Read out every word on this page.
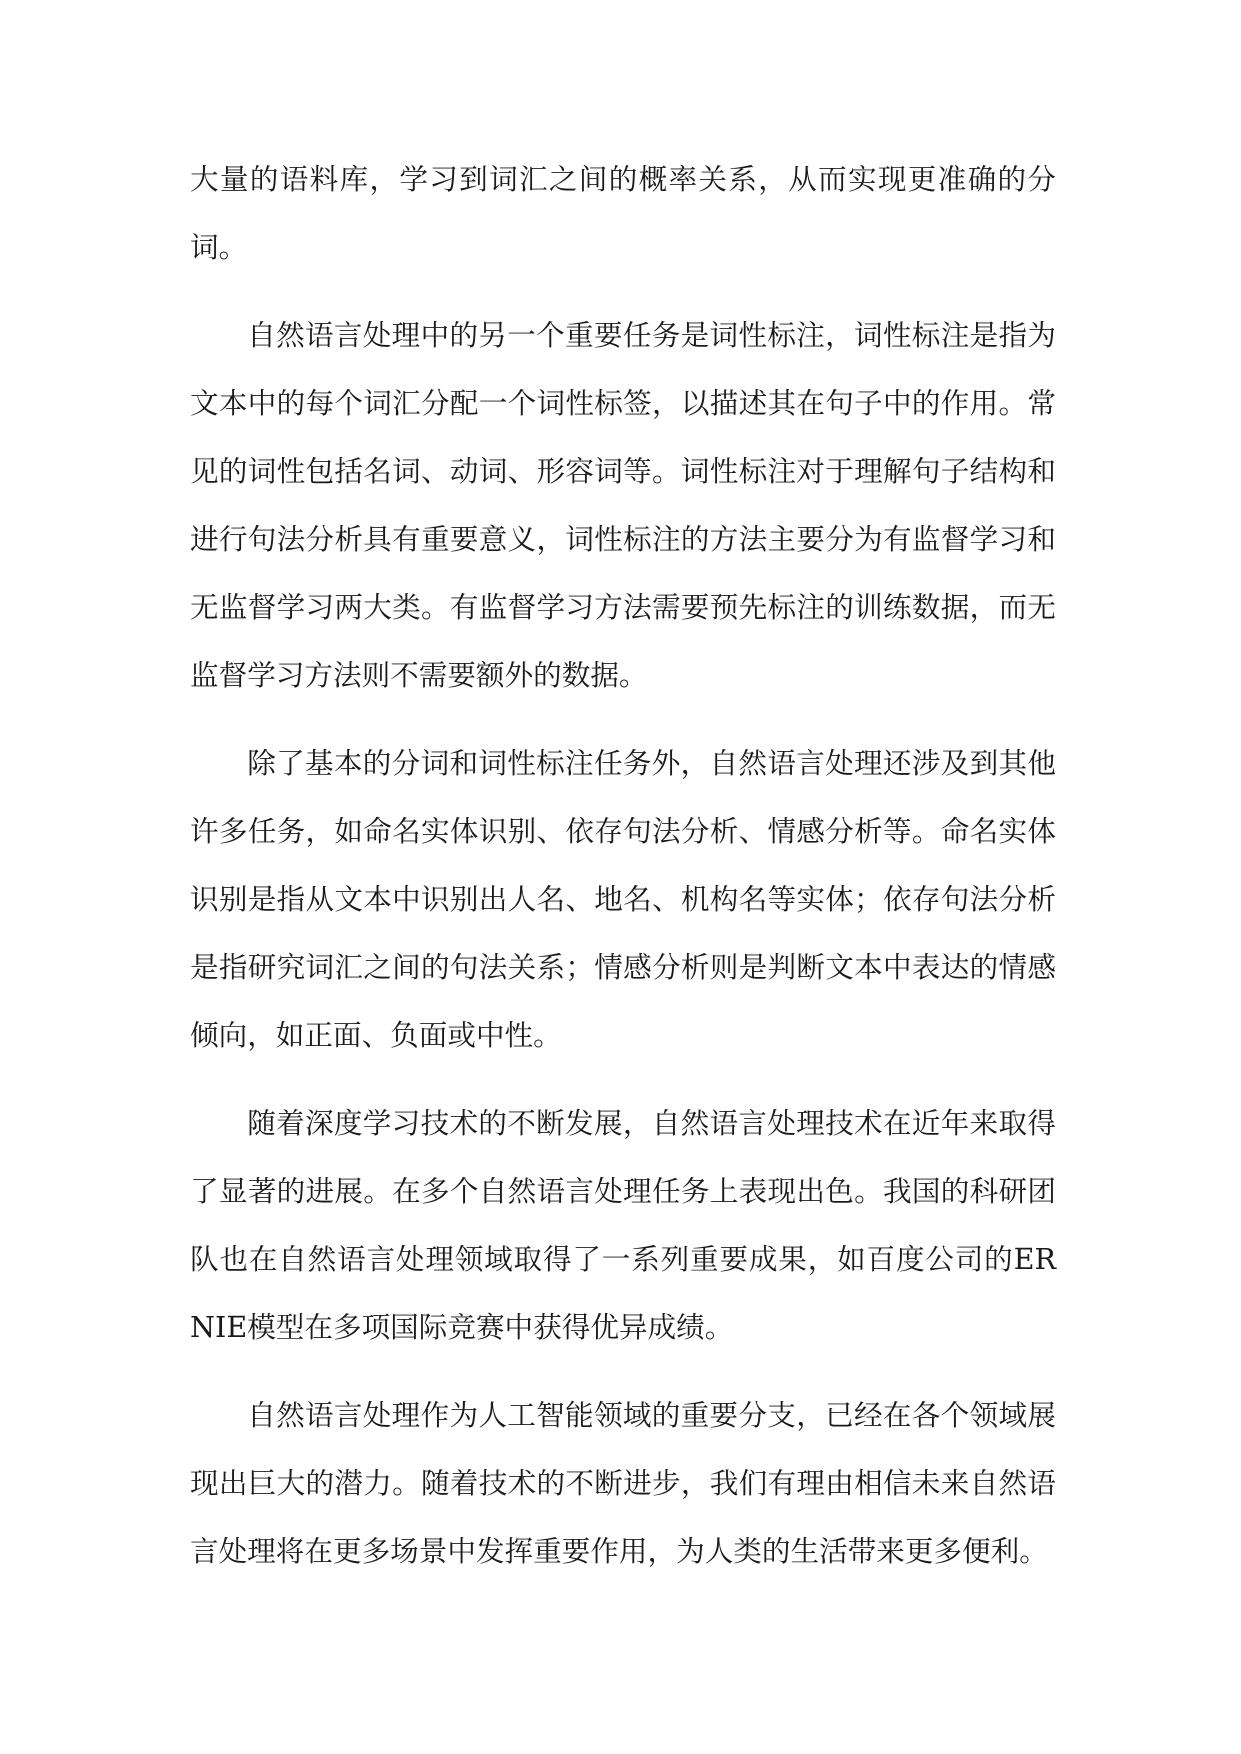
大量的语料库，学习到词汇之间的概率关系，从而实现更准确的分词。

自然语言处理中的另一个重要任务是词性标注，词性标注是指为文本中的每个词汇分配一个词性标签，以描述其在句子中的作用。常见的词性包括名词、动词、形容词等。词性标注对于理解句子结构和进行句法分析具有重要意义，词性标注的方法主要分为有监督学习和无监督学习两大类。有监督学习方法需要预先标注的训练数据，而无监督学习方法则不需要额外的数据。

除了基本的分词和词性标注任务外，自然语言处理还涉及到其他许多任务，如命名实体识别、依存句法分析、情感分析等。命名实体识别是指从文本中识别出人名、地名、机构名等实体；依存句法分析是指研究词汇之间的句法关系；情感分析则是判断文本中表达的情感倾向，如正面、负面或中性。

随着深度学习技术的不断发展，自然语言处理技术在近年来取得了显著的进展。在多个自然语言处理任务上表现出色。我国的科研团队也在自然语言处理领域取得了一系列重要成果，如百度公司的ERNIE模型在多项国际竞赛中获得优异成绩。

自然语言处理作为人工智能领域的重要分支，已经在各个领域展现出巨大的潜力。随着技术的不断进步，我们有理由相信未来自然语言处理将在更多场景中发挥重要作用，为人类的生活带来更多便利。
